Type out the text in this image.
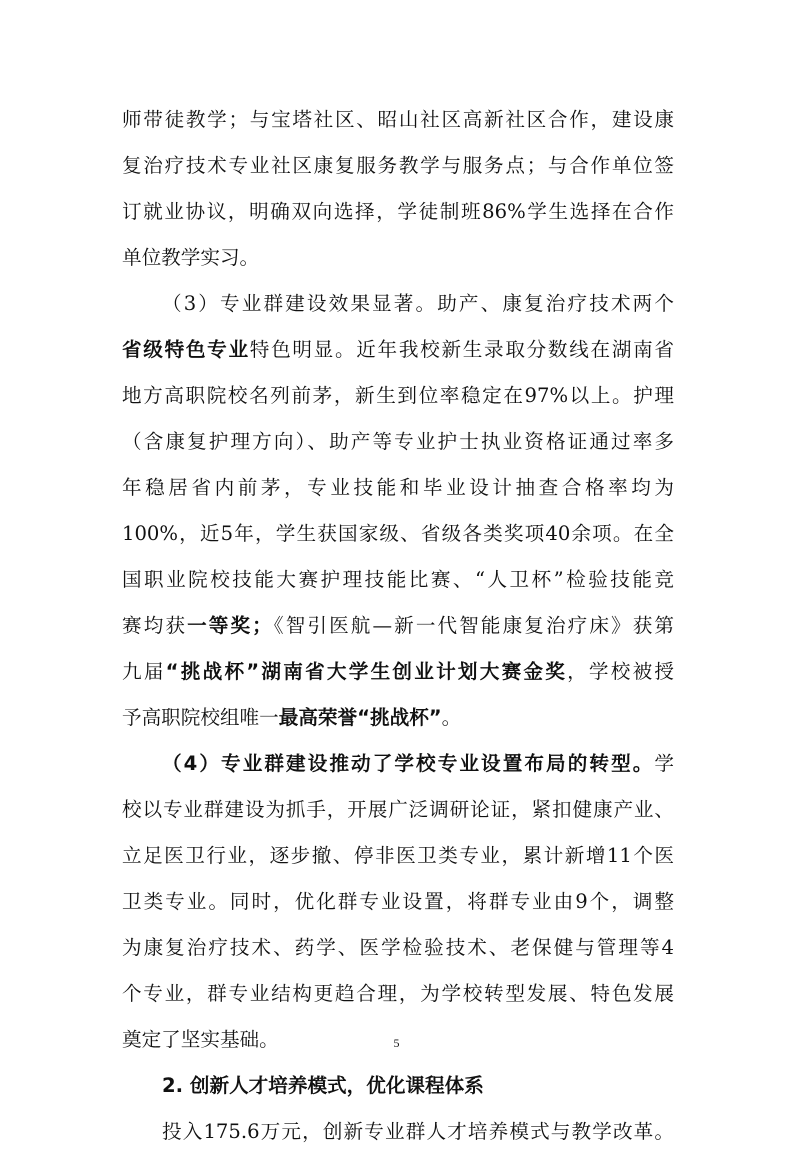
师带徒教学；与宝塔社区、昭山社区高新社区合作，建设康
复治疗技术专业社区康复服务教学与服务点；与合作单位签
订就业协议，明确双向选择，学徒制班86%学生选择在合作
单位教学实习。
（3）专业群建设效果显著。助产、康复治疗技术两个
省级特色专业特色明显。近年我校新生录取分数线在湖南省
地方高职院校名列前茅，新生到位率稳定在97%以上。护理
（含康复护理方向）、助产等专业护士执业资格证通过率多
年稳居省内前茅，专业技能和毕业设计抽查合格率均为
100%，近5年，学生获国家级、省级各类奖项40余项。在全
国职业院校技能大赛护理技能比赛、“人卫杯”检验技能竞
赛均获一等奖；《智引医航—新一代智能康复治疗床》获第
九届“挑战杯”湖南省大学生创业计划大赛金奖，学校被授
予高职院校组唯一最高荣誉“挑战杯”。
（4）专业群建设推动了学校专业设置布局的转型。学
校以专业群建设为抓手，开展广泛调研论证，紧扣健康产业、
立足医卫行业，逐步撤、停非医卫类专业，累计新增11个医
卫类专业。同时，优化群专业设置，将群专业由9个，调整
为康复治疗技术、药学、医学检验技术、老保健与管理等4
个专业，群专业结构更趋合理，为学校转型发展、特色发展
奠定了坚实基础。
2. 创新人才培养模式，优化课程体系
投入175.6万元，创新专业群人才培养模式与教学改革。
5
